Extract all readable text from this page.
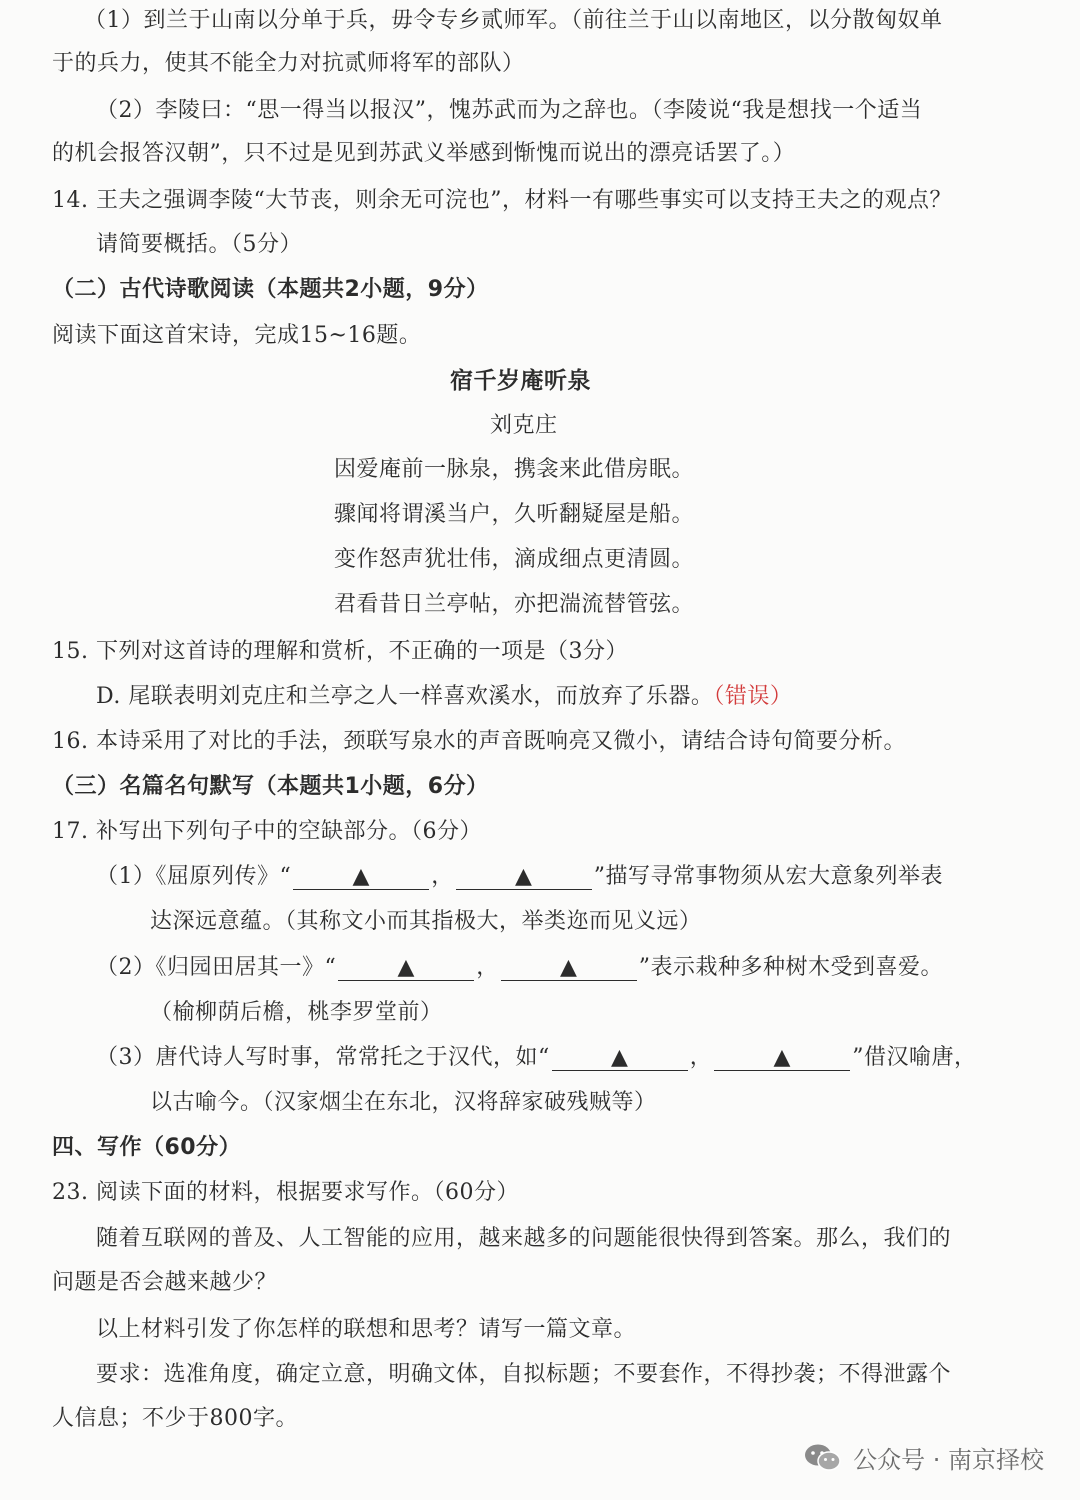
（1）到兰于山南以分单于兵，毋令专乡贰师军。（前往兰于山以南地区，以分散匈奴单
于的兵力，使其不能全力对抗贰师将军的部队）
（2）李陵曰：“思一得当以报汉”，愧苏武而为之辞也。（李陵说“我是想找一个适当
的机会报答汉朝”，只不过是见到苏武义举感到惭愧而说出的漂亮话罢了。）
14. 王夫之强调李陵“大节丧，则余无可浣也”，材料一有哪些事实可以支持王夫之的观点？
请简要概括。（5分）
（二）古代诗歌阅读（本题共2小题，9分）
阅读下面这首宋诗，完成15~16题。
宿千岁庵听泉
刘克庄
因爱庵前一脉泉，携衾来此借房眠。
骤闻将谓溪当户，久听翻疑屋是船。
变作怒声犹壮伟，滴成细点更清圆。
君看昔日兰亭帖，亦把湍流替管弦。
15. 下列对这首诗的理解和赏析，不正确的一项是（3分）
D. 尾联表明刘克庄和兰亭之人一样喜欢溪水，而放弃了乐器。（错误）
16. 本诗采用了对比的手法，颈联写泉水的声音既响亮又微小，请结合诗句简要分析。
（三）名篇名句默写（本题共1小题，6分）
17. 补写出下列句子中的空缺部分。（6分）
（1）《屈原列传》“	▲	，	▲	”描写寻常事物须从宏大意象列举表
达深远意蕴。（其称文小而其指极大，举类迩而见义远）
（2）《归园田居其一》“	▲	，	▲	”表示栽种多种树木受到喜爱。
（榆柳荫后檐，桃李罗堂前）
（3）唐代诗人写时事，常常托之于汉代，如“	▲	，	▲	”借汉喻唐，
以古喻今。（汉家烟尘在东北，汉将辞家破残贼等）
四、写作（60分）
23. 阅读下面的材料，根据要求写作。（60分）
随着互联网的普及、人工智能的应用，越来越多的问题能很快得到答案。那么，我们的
问题是否会越来越少？
以上材料引发了你怎样的联想和思考？请写一篇文章。
要求：选准角度，确定立意，明确文体，自拟标题；不要套作，不得抄袭；不得泄露个
人信息；不少于800字。
公众号 · 南京择校
